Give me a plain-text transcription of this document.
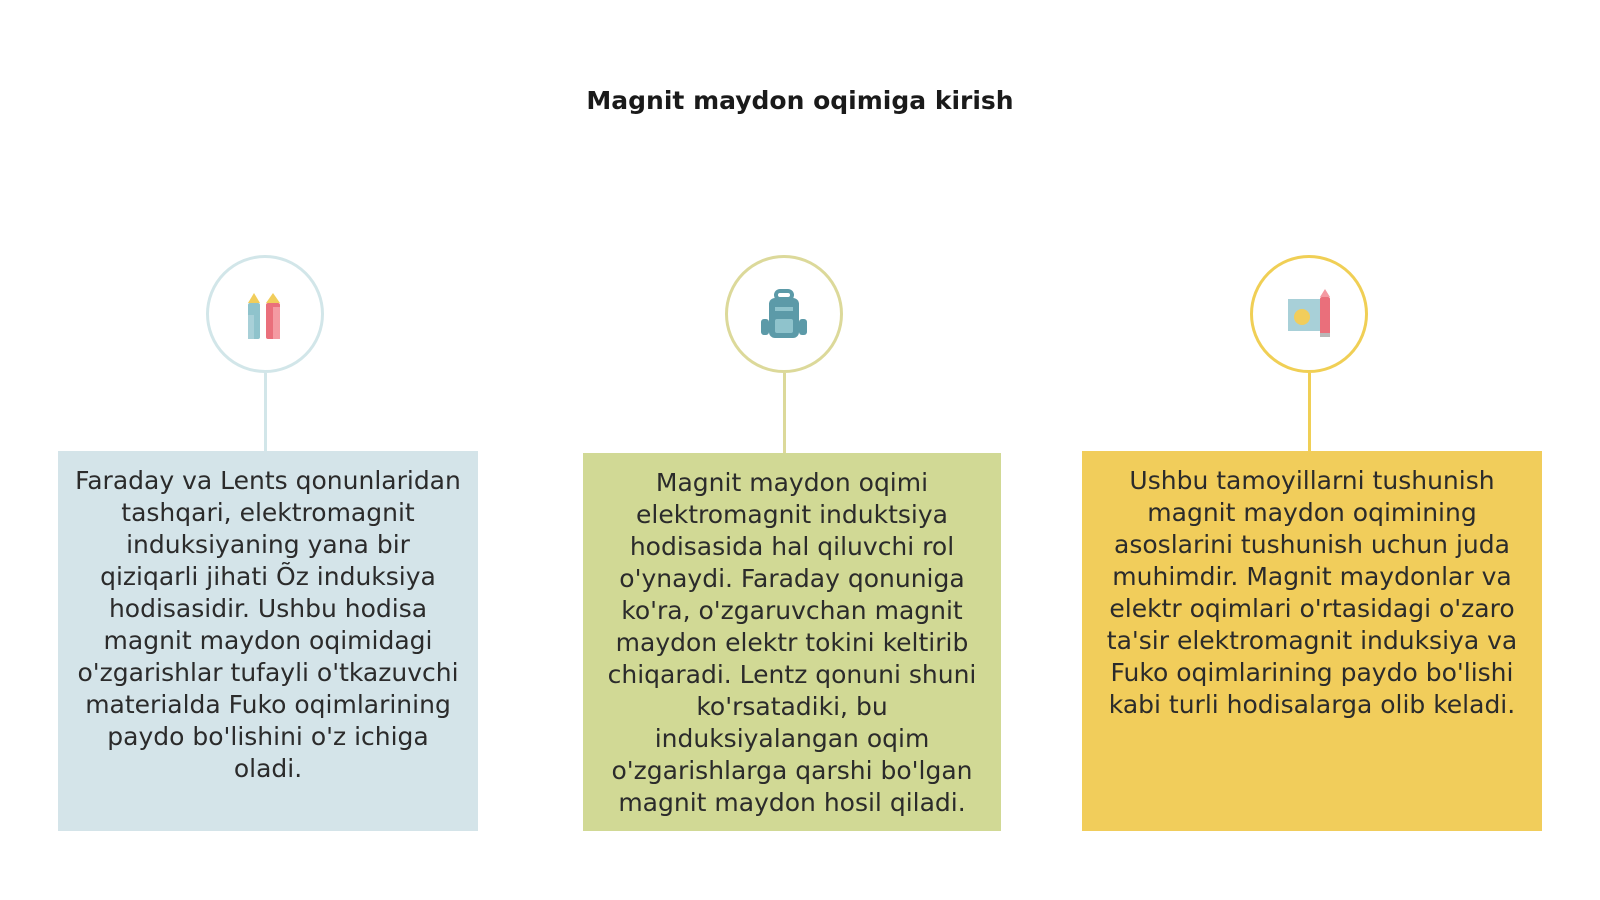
Magnit maydon oqimiga kirish
Faraday va Lents qonunlaridan tashqari, elektromagnit induksiyaning yana bir qiziqarli jihati Õz induksiya hodisasidir. Ushbu hodisa magnit maydon oqimidagi o'zgarishlar tufayli o'tkazuvchi materialda Fuko oqimlarining paydo bo'lishini o'z ichiga oladi.
Magnit maydon oqimi elektromagnit induktsiya hodisasida hal qiluvchi rol o'ynaydi. Faraday qonuniga ko'ra, o'zgaruvchan magnit maydon elektr tokini keltirib chiqaradi. Lentz qonuni shuni ko'rsatadiki, bu induksiyalangan oqim o'zgarishlarga qarshi bo'lgan magnit maydon hosil qiladi.
Ushbu tamoyillarni tushunish magnit maydon oqimining asoslarini tushunish uchun juda muhimdir. Magnit maydonlar va elektr oqimlari o'rtasidagi o'zaro ta'sir elektromagnit induksiya va Fuko oqimlarining paydo bo'lishi kabi turli hodisalarga olib keladi.
